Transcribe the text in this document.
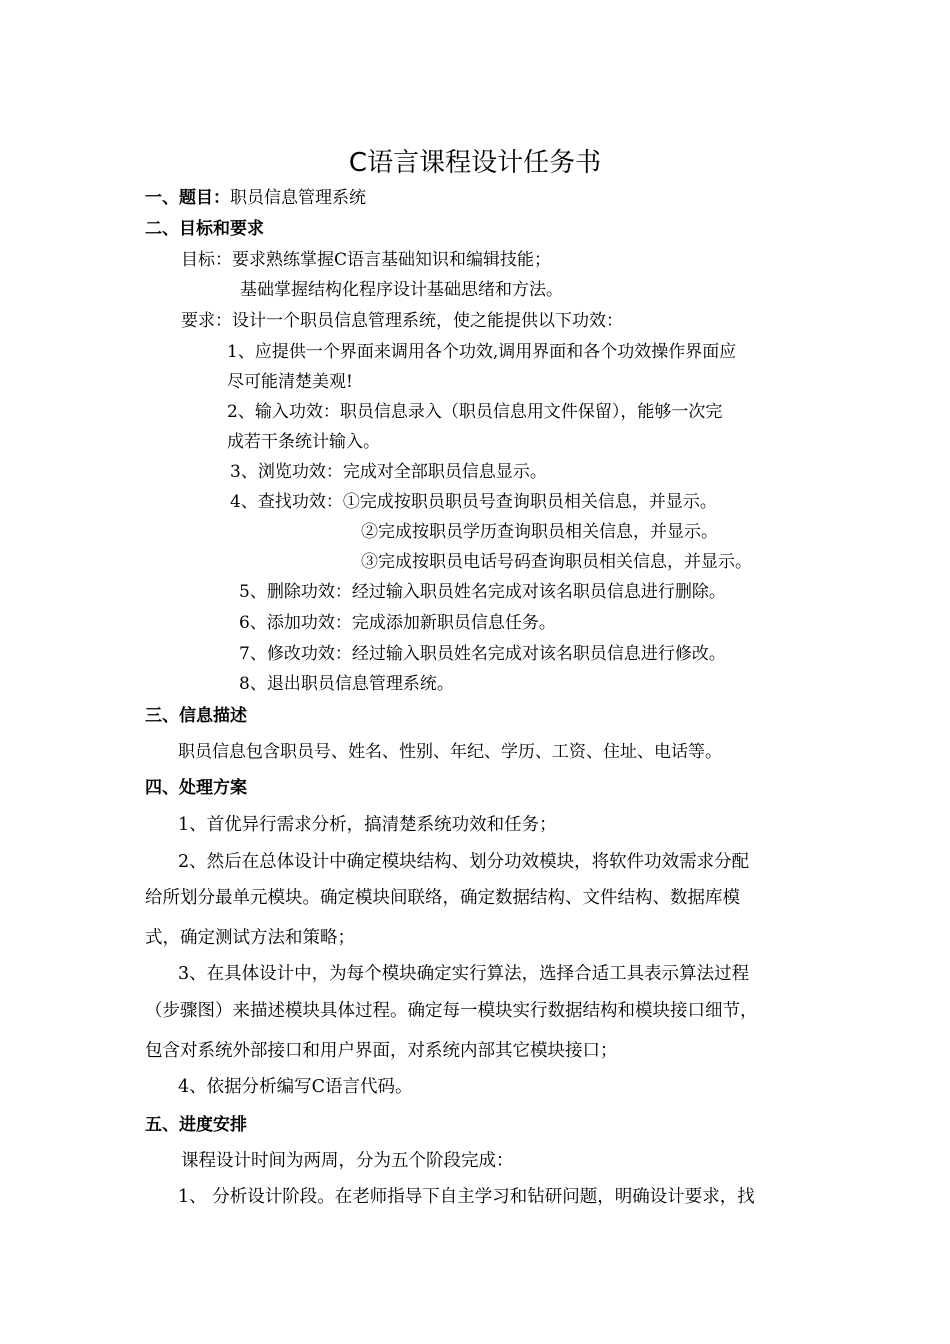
C语言课程设计任务书
一、题目：职员信息管理系统
二、目标和要求
目标：要求熟练掌握C语言基础知识和编辑技能；
基础掌握结构化程序设计基础思绪和方法。
要求：设计一个职员信息管理系统，使之能提供以下功效：
1、应提供一个界面来调用各个功效,调用界面和各个功效操作界面应
尽可能清楚美观!
2、输入功效：职员信息录入（职员信息用文件保留），能够一次完
成若干条统计输入。
3、浏览功效：完成对全部职员信息显示。
4、查找功效：①完成按职员职员号查询职员相关信息，并显示。
②完成按职员学历查询职员相关信息，并显示。
③完成按职员电话号码查询职员相关信息，并显示。
5、删除功效：经过输入职员姓名完成对该名职员信息进行删除。
6、添加功效：完成添加新职员信息任务。
7、修改功效：经过输入职员姓名完成对该名职员信息进行修改。
8、退出职员信息管理系统。
三、信息描述
职员信息包含职员号、姓名、性别、年纪、学历、工资、住址、电话等。
四、处理方案
1、首优异行需求分析，搞清楚系统功效和任务；
2、然后在总体设计中确定模块结构、划分功效模块，将软件功效需求分配
给所划分最单元模块。确定模块间联络，确定数据结构、文件结构、数据库模
式，确定测试方法和策略；
3、在具体设计中，为每个模块确定实行算法，选择合适工具表示算法过程
（步骤图）来描述模块具体过程。确定每一模块实行数据结构和模块接口细节，
包含对系统外部接口和用户界面，对系统内部其它模块接口；
4、依据分析编写C语言代码。
五、进度安排
课程设计时间为两周，分为五个阶段完成：
1、 分析设计阶段。在老师指导下自主学习和钻研问题，明确设计要求，找
